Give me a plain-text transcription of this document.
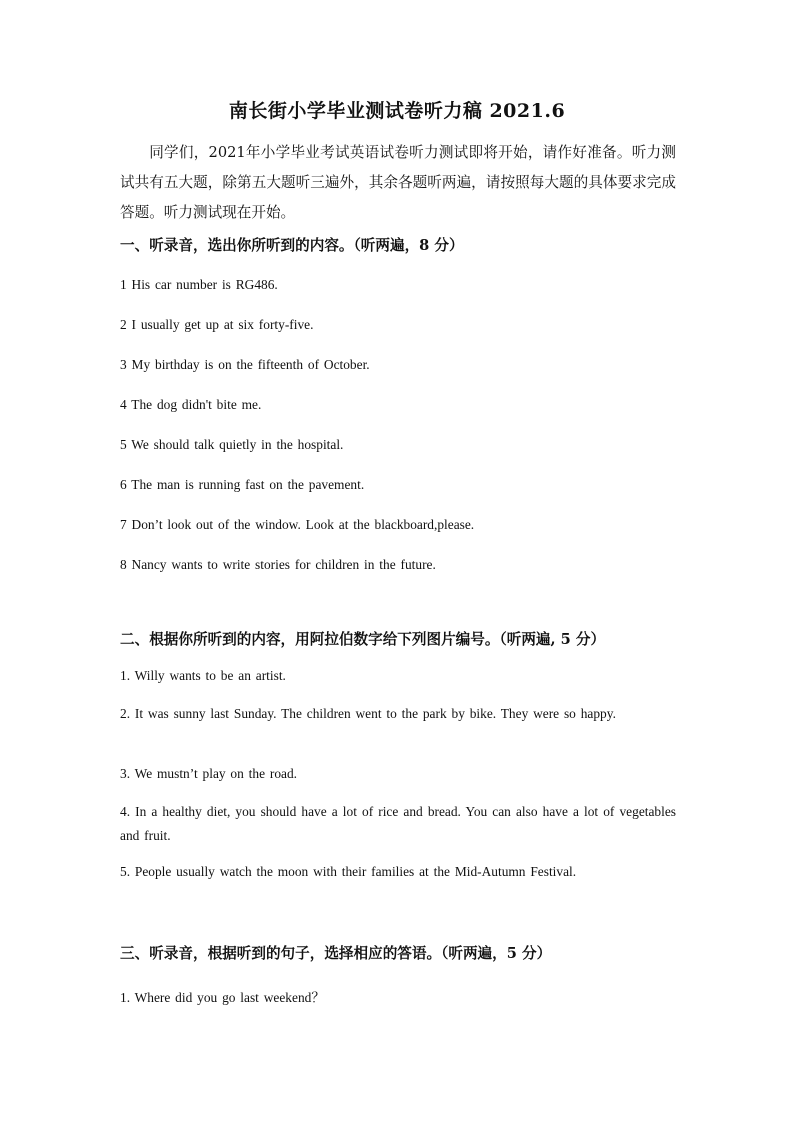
南长街小学毕业测试卷听力稿 2021.6
同学们，2021年小学毕业考试英语试卷听力测试即将开始，请作好准备。听力测试共有五大题，除第五大题听三遍外，其余各题听两遍，请按照每大题的具体要求完成答题。听力测试现在开始。
一、听录音，选出你所听到的内容。（听两遍，8 分）
1 His car number is RG486.
2 I usually get up at six forty-five.
3 My birthday is on the fifteenth of October.
4 The dog didn't bite me.
5 We should talk quietly in the hospital.
6 The man is running fast on the pavement.
7 Don’t look out of the window. Look at the blackboard,please.
8 Nancy wants to write stories for children in the future.
二、根据你所听到的内容，用阿拉伯数字给下列图片编号。（听两遍, 5 分）
1. Willy wants to be an artist.
2. It was sunny last Sunday. The children went to the park by bike. They were so happy.
3. We mustn’t play on the road.
4. In a healthy diet, you should have a lot of rice and bread. You can also have a lot of vegetables and fruit.
5. People usually watch the moon with their families at the Mid-Autumn Festival.
三、听录音，根据听到的句子，选择相应的答语。（听两遍，5 分）
1. Where did you go last weekend？
